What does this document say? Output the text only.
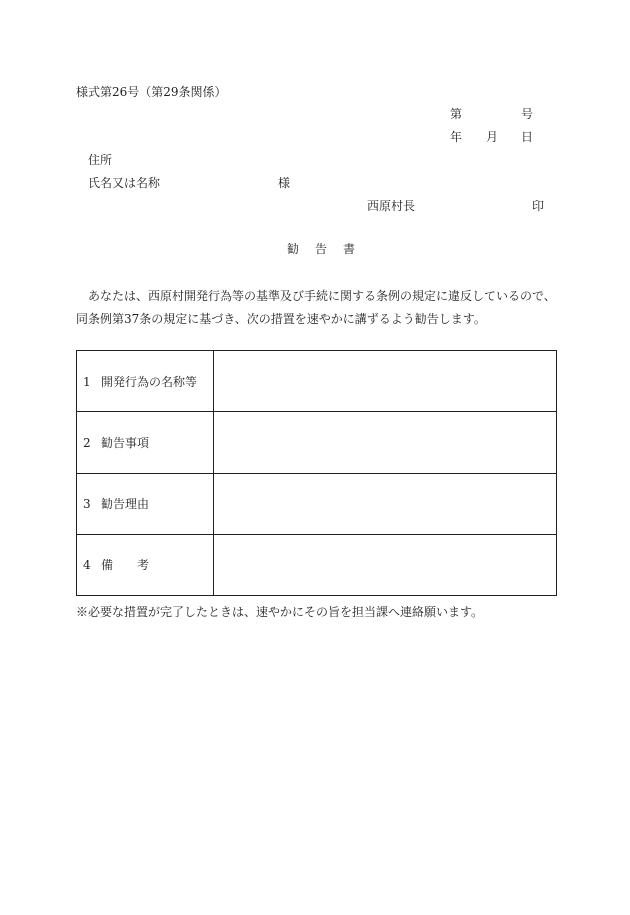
様式第26号（第29条関係）
第	号
年 月 日
住所
氏名又は名称	様
西原村長	印
勧 告 書
　あなたは、西原村開発行為等の基準及び手続に関する条例の規定に違反しているので、
同条例第37条の規定に基づき、次の措置を速やかに講ずるよう勧告します。
1 開発行為の名称等	
2 勧告事項	
3 勧告理由	
4 備　　考	
※必要な措置が完了したときは、速やかにその旨を担当課へ連絡願います。
